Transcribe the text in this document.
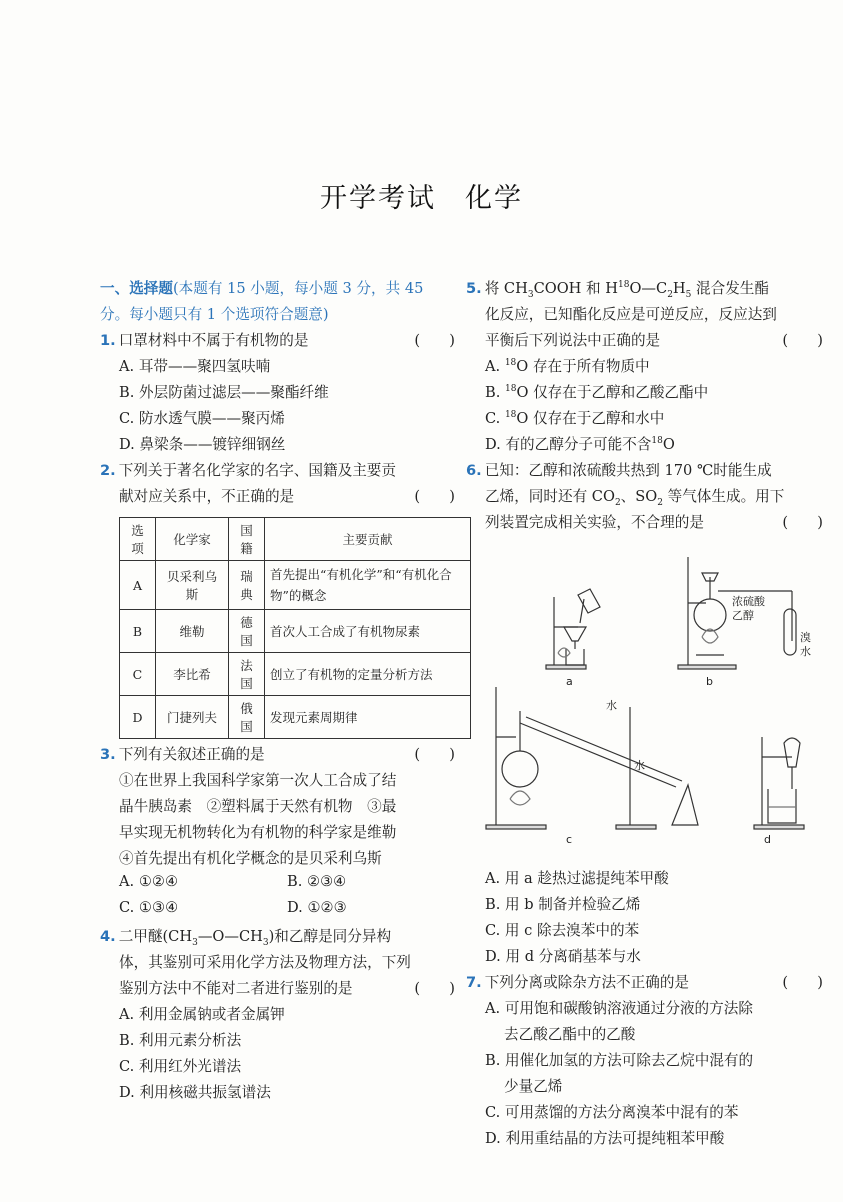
开学考试　化学
一、选择题(本题有 15 小题，每小题 3 分，共 45
分。每小题只有 1 个选项符合题意)
1. 口罩材料中不属于有机物的是	(　　)
A. 耳带——聚四氢呋喃
B. 外层防菌过滤层——聚酯纤维
C. 防水透气膜——聚丙烯
D. 鼻梁条——镀锌细钢丝
2. 下列关于著名化学家的名字、国籍及主要贡
献对应关系中，不正确的是	(　　)
选项	化学家	国籍	主要贡献
A	贝采利乌斯	瑞典	首先提出“有机化学”和“有机化合物”的概念
B	维勒	德国	首次人工合成了有机物尿素
C	李比希	法国	创立了有机物的定量分析方法
D	门捷列夫	俄国	发现元素周期律
3. 下列有关叙述正确的是	(　　)
①在世界上我国科学家第一次人工合成了结
晶牛胰岛素　②塑料属于天然有机物　③最
早实现无机物转化为有机物的科学家是维勒
④首先提出有机化学概念的是贝采利乌斯
A. ①②④	B. ②③④
C. ①③④	D. ①②③
4. 二甲醚$(CH_3—O—CH_3)$和乙醇是同分异构
体，其鉴别可采用化学方法及物理方法，下列
鉴别方法中不能对二者进行鉴别的是	(　　)
A. 利用金属钠或者金属钾
B. 利用元素分析法
C. 利用红外光谱法
D. 利用核磁共振氢谱法
5. 将 $CH_3COOH$ 和 $H^{18}O—C_2H_5$ 混合发生酯
化反应，已知酯化反应是可逆反应，反应达到
平衡后下列说法中正确的是	(　　)
A. $^{18}$O 存在于所有物质中
B. $^{18}$O 仅存在于乙醇和乙酸乙酯中
C. $^{18}$O 仅存在于乙醇和水中
D. 有的乙醇分子可能不含$^{18}$O
6. 已知：乙醇和浓硫酸共热到 170 ℃时能生成
乙烯，同时还有 $CO_2$、$SO_2$ 等气体生成。用下
列装置完成相关实验，不合理的是	(　　)
a	b
浓硫酸
乙醇
溴
水
水
水
c	d
A. 用 a 趁热过滤提纯苯甲酸
B. 用 b 制备并检验乙烯
C. 用 c 除去溴苯中的苯
D. 用 d 分离硝基苯与水
7. 下列分离或除杂方法不正确的是	(　　)
A. 可用饱和碳酸钠溶液通过分液的方法除
去乙酸乙酯中的乙酸
B. 用催化加氢的方法可除去乙烷中混有的
少量乙烯
C. 可用蒸馏的方法分离溴苯中混有的苯
D. 利用重结晶的方法可提纯粗苯甲酸
